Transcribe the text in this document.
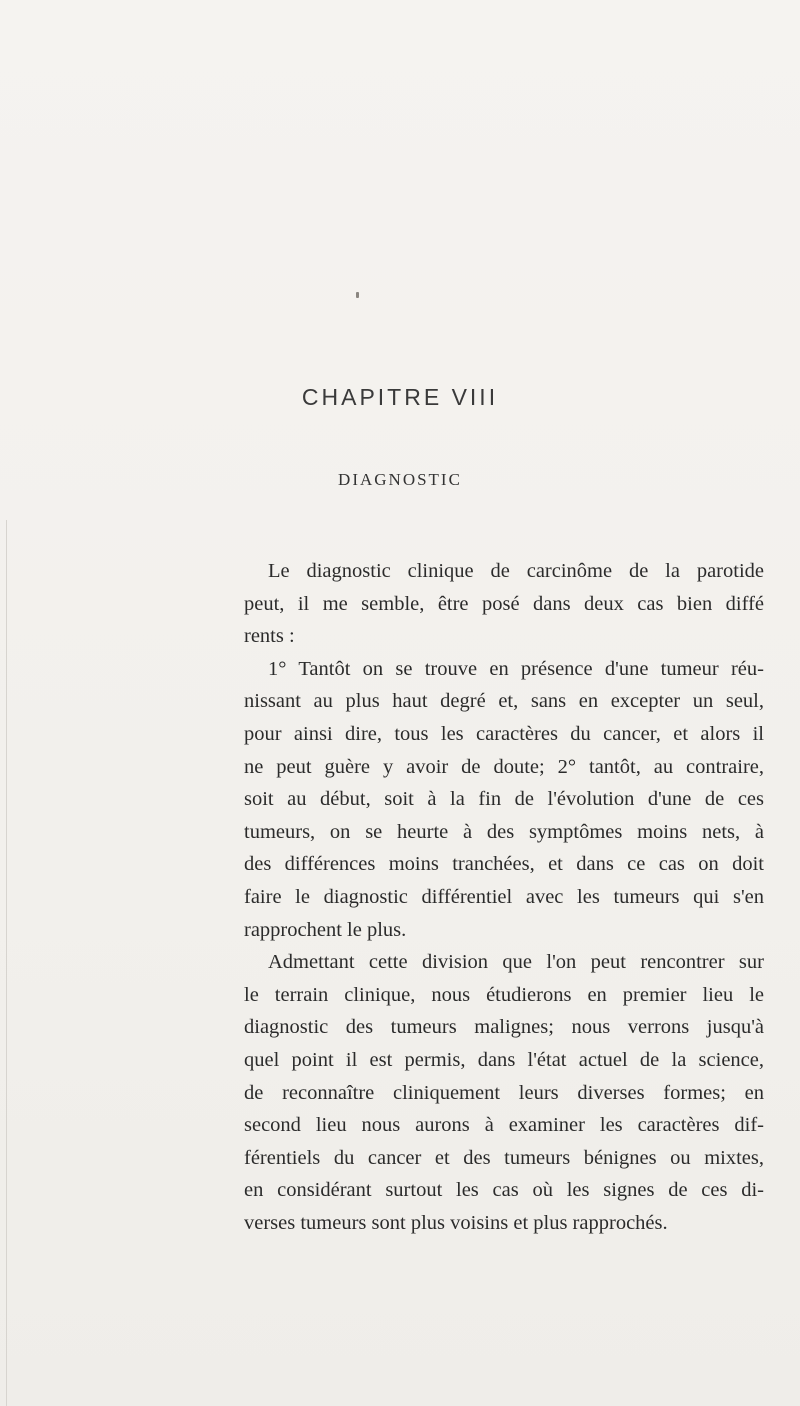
CHAPITRE VIII
DIAGNOSTIC
Le diagnostic clinique de carcinôme de la parotide
peut, il me semble, être posé dans deux cas bien diffé
rents :
1° Tantôt on se trouve en présence d'une tumeur réu-
nissant au plus haut degré et, sans en excepter un seul,
pour ainsi dire, tous les caractères du cancer, et alors il
ne peut guère y avoir de doute; 2° tantôt, au contraire,
soit au début, soit à la fin de l'évolution d'une de ces
tumeurs, on se heurte à des symptômes moins nets, à
des différences moins tranchées, et dans ce cas on doit
faire le diagnostic différentiel avec les tumeurs qui s'en
rapprochent le plus.
Admettant cette division que l'on peut rencontrer sur
le terrain clinique, nous étudierons en premier lieu le
diagnostic des tumeurs malignes; nous verrons jusqu'à
quel point il est permis, dans l'état actuel de la science,
de reconnaître cliniquement leurs diverses formes; en
second lieu nous aurons à examiner les caractères dif-
férentiels du cancer et des tumeurs bénignes ou mixtes,
en considérant surtout les cas où les signes de ces di-
verses tumeurs sont plus voisins et plus rapprochés.
